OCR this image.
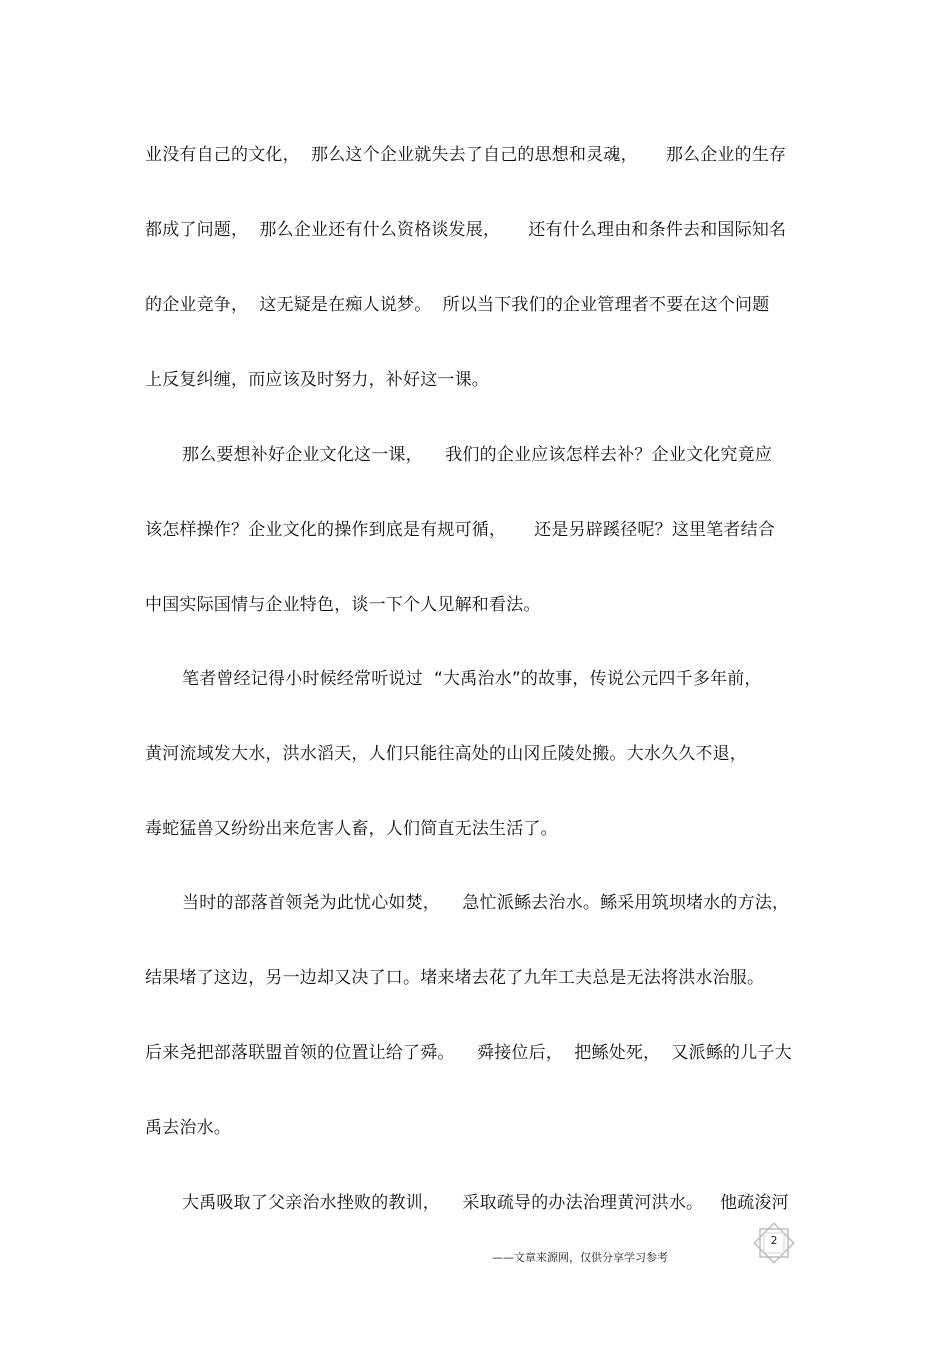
业没有自己的文化，  那么这个企业就失去了自己的思想和灵魂，     那么企业的生存
都成了问题，  那么企业还有什么资格谈发展，     还有什么理由和条件去和国际知名
的企业竞争，  这无疑是在痴人说梦。  所以当下我们的企业管理者不要在这个问题
上反复纠缠，而应该及时努力，补好这一课。
那么要想补好企业文化这一课，    我们的企业应该怎样去补？企业文化究竟应
该怎样操作？企业文化的操作到底是有规可循，     还是另辟蹊径呢？这里笔者结合
中国实际国情与企业特色，谈一下个人见解和看法。
笔者曾经记得小时候经常听说过  “大禹治水”的故事，传说公元四千多年前，
黄河流域发大水，洪水滔天，人们只能往高处的山冈丘陵处搬。大水久久不退，
毒蛇猛兽又纷纷出来危害人畜，人们简直无法生活了。
当时的部落首领尧为此忧心如焚，    急忙派鲧去治水。鲧采用筑坝堵水的方法，
结果堵了这边，另一边却又决了口。堵来堵去花了九年工夫总是无法将洪水治服。
后来尧把部落联盟首领的位置让给了舜。    舜接位后，  把鲧处死，  又派鲧的儿子大
禹去治水。
大禹吸取了父亲治水挫败的教训，    采取疏导的办法治理黄河洪水。   他疏浚河
——文章来源网，仅供分享学习参考
2
